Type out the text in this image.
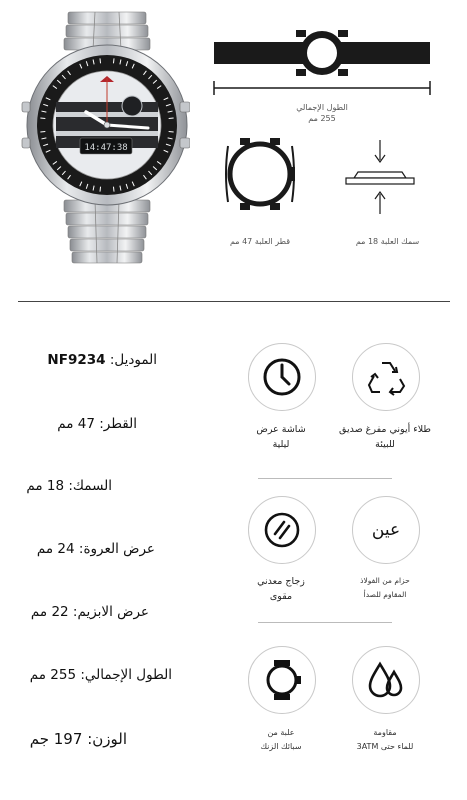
14:47:38
الطول الإجمالي
255 مم
قطر العلبة 47 مم	سمك العلبة 18 مم
الموديل: NF9234
القطر: 47 مم
السمك: 18 مم
عرض العروة: 24 مم
عرض الابزيم: 22 مم
الطول الإجمالي: 255 مم
الوزن: 197 جم
شاشة عرض
ليلية
طلاء أيوني مفرغ صديق
للبيئة
عين
زجاج معدني
مقوى
حزام من الفولاذ
المقاوم للصدأ
علبة من
سبائك الزنك
مقاومة
للماء حتى 3ATM
